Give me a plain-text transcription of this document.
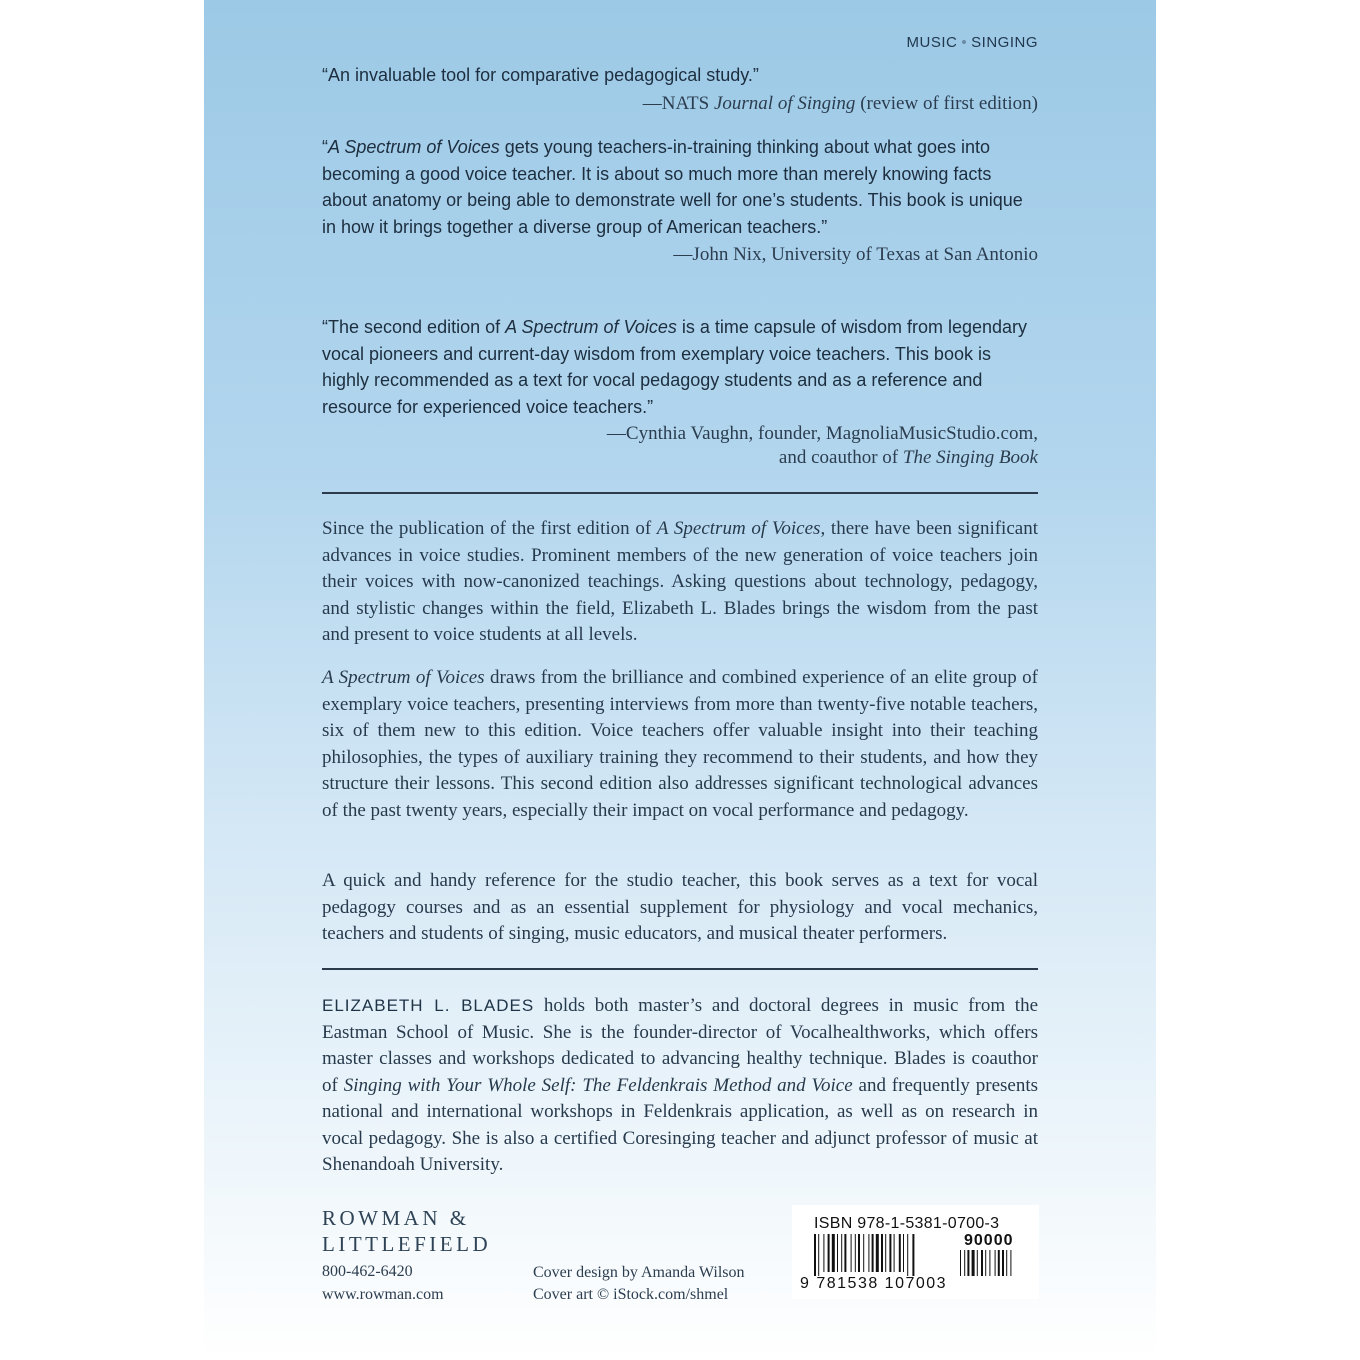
MUSIC • SINGING
“An invaluable tool for comparative pedagogical study.”
—NATS Journal of Singing (review of first edition)
“A Spectrum of Voices gets young teachers-in-training thinking about what goes into becoming a good voice teacher. It is about so much more than merely knowing facts about anatomy or being able to demonstrate well for one’s students. This book is unique in how it brings together a diverse group of American teachers.”
—John Nix, University of Texas at San Antonio
“The second edition of A Spectrum of Voices is a time capsule of wisdom from legendary vocal pioneers and current-day wisdom from exemplary voice teachers. This book is highly recommended as a text for vocal pedagogy students and as a reference and resource for experienced voice teachers.”
—Cynthia Vaughn, founder, MagnoliaMusicStudio.com,
and coauthor of The Singing Book
Since the publication of the first edition of A Spectrum of Voices, there have been significant advances in voice studies. Prominent members of the new generation of voice teachers join their voices with now-canonized teachings. Asking questions about technology, pedagogy, and stylistic changes within the field, Elizabeth L. Blades brings the wisdom from the past and present to voice students at all levels.
A Spectrum of Voices draws from the brilliance and combined experience of an elite group of exemplary voice teachers, presenting interviews from more than twenty-five notable teachers, six of them new to this edition. Voice teachers offer valuable insight into their teaching philosophies, the types of auxiliary training they recommend to their students, and how they structure their lessons. This second edition also addresses significant technological advances of the past twenty years, especially their impact on vocal performance and pedagogy.
A quick and handy reference for the studio teacher, this book serves as a text for vocal pedagogy courses and as an essential supplement for physiology and vocal mechanics, teachers and students of singing, music educators, and musical theater performers.
ELIZABETH L. BLADES holds both master’s and doctoral degrees in music from the Eastman School of Music. She is the founder-director of Vocalhealthworks, which offers master classes and workshops dedicated to advancing healthy technique. Blades is coauthor of Singing with Your Whole Self: The Feldenkrais Method and Voice and frequently presents national and international workshops in Feldenkrais application, as well as on research in vocal pedagogy. She is also a certified Coresinging teacher and adjunct professor of music at Shenandoah University.
ROWMAN &
LITTLEFIELD
800-462-6420
www.rowman.com
Cover design by Amanda Wilson
Cover art © iStock.com/shmel
ISBN 978-1-5381-0700-3
90000
9 781538 107003
